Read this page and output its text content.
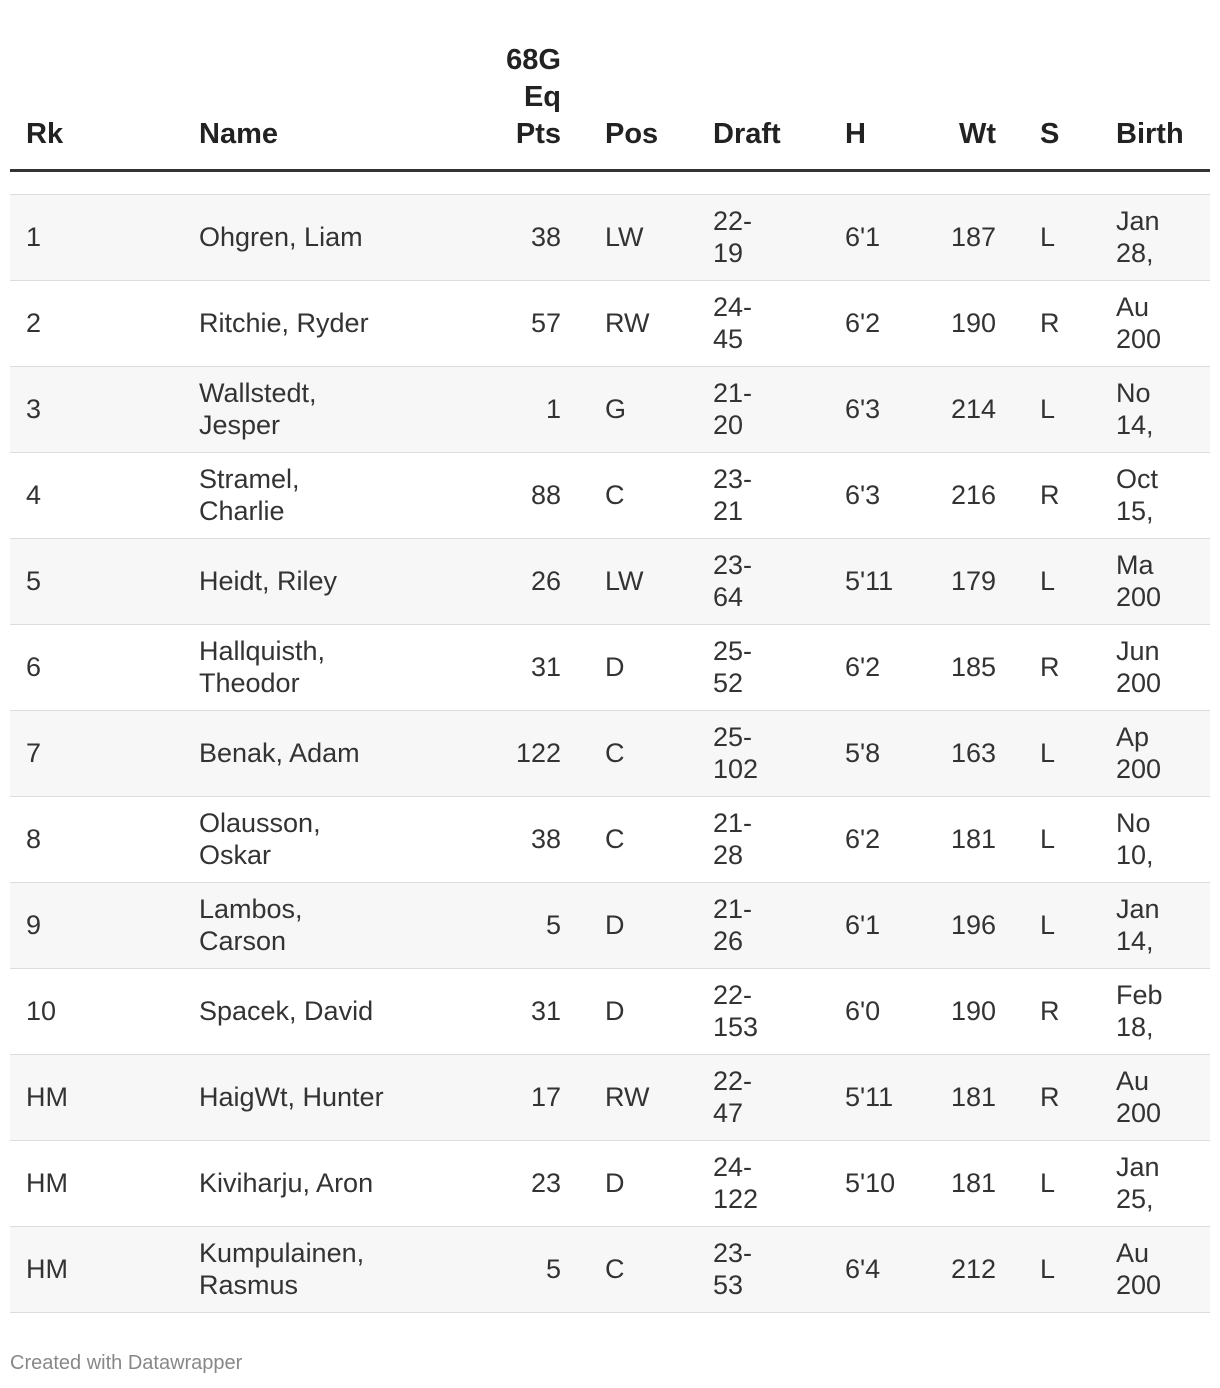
Rk	Name	68G Eq Pts	Pos	Draft	H	Wt	S	Birth

1	Ohgren, Liam	38	LW	22-19	6'1	187	L	Jan 28,
2	Ritchie, Ryder	57	RW	24-45	6'2	190	R	Au 200
3	Wallstedt, Jesper	1	G	21-20	6'3	214	L	No 14,
4	Stramel, Charlie	88	C	23-21	6'3	216	R	Oct 15,
5	Heidt, Riley	26	LW	23-64	5'11	179	L	Ma 200
6	Hallquisth, Theodor	31	D	25-52	6'2	185	R	Jun 200
7	Benak, Adam	122	C	25-102	5'8	163	L	Ap 200
8	Olausson, Oskar	38	C	21-28	6'2	181	L	No 10,
9	Lambos, Carson	5	D	21-26	6'1	196	L	Jan 14,
10	Spacek, David	31	D	22-153	6'0	190	R	Feb 18,
HM	HaigWt, Hunter	17	RW	22-47	5'11	181	R	Au 200
HM	Kiviharju, Aron	23	D	24-122	5'10	181	L	Jan 25,
HM	Kumpulainen, Rasmus	5	C	23-53	6'4	212	L	Au 200
Created with Datawrapper
